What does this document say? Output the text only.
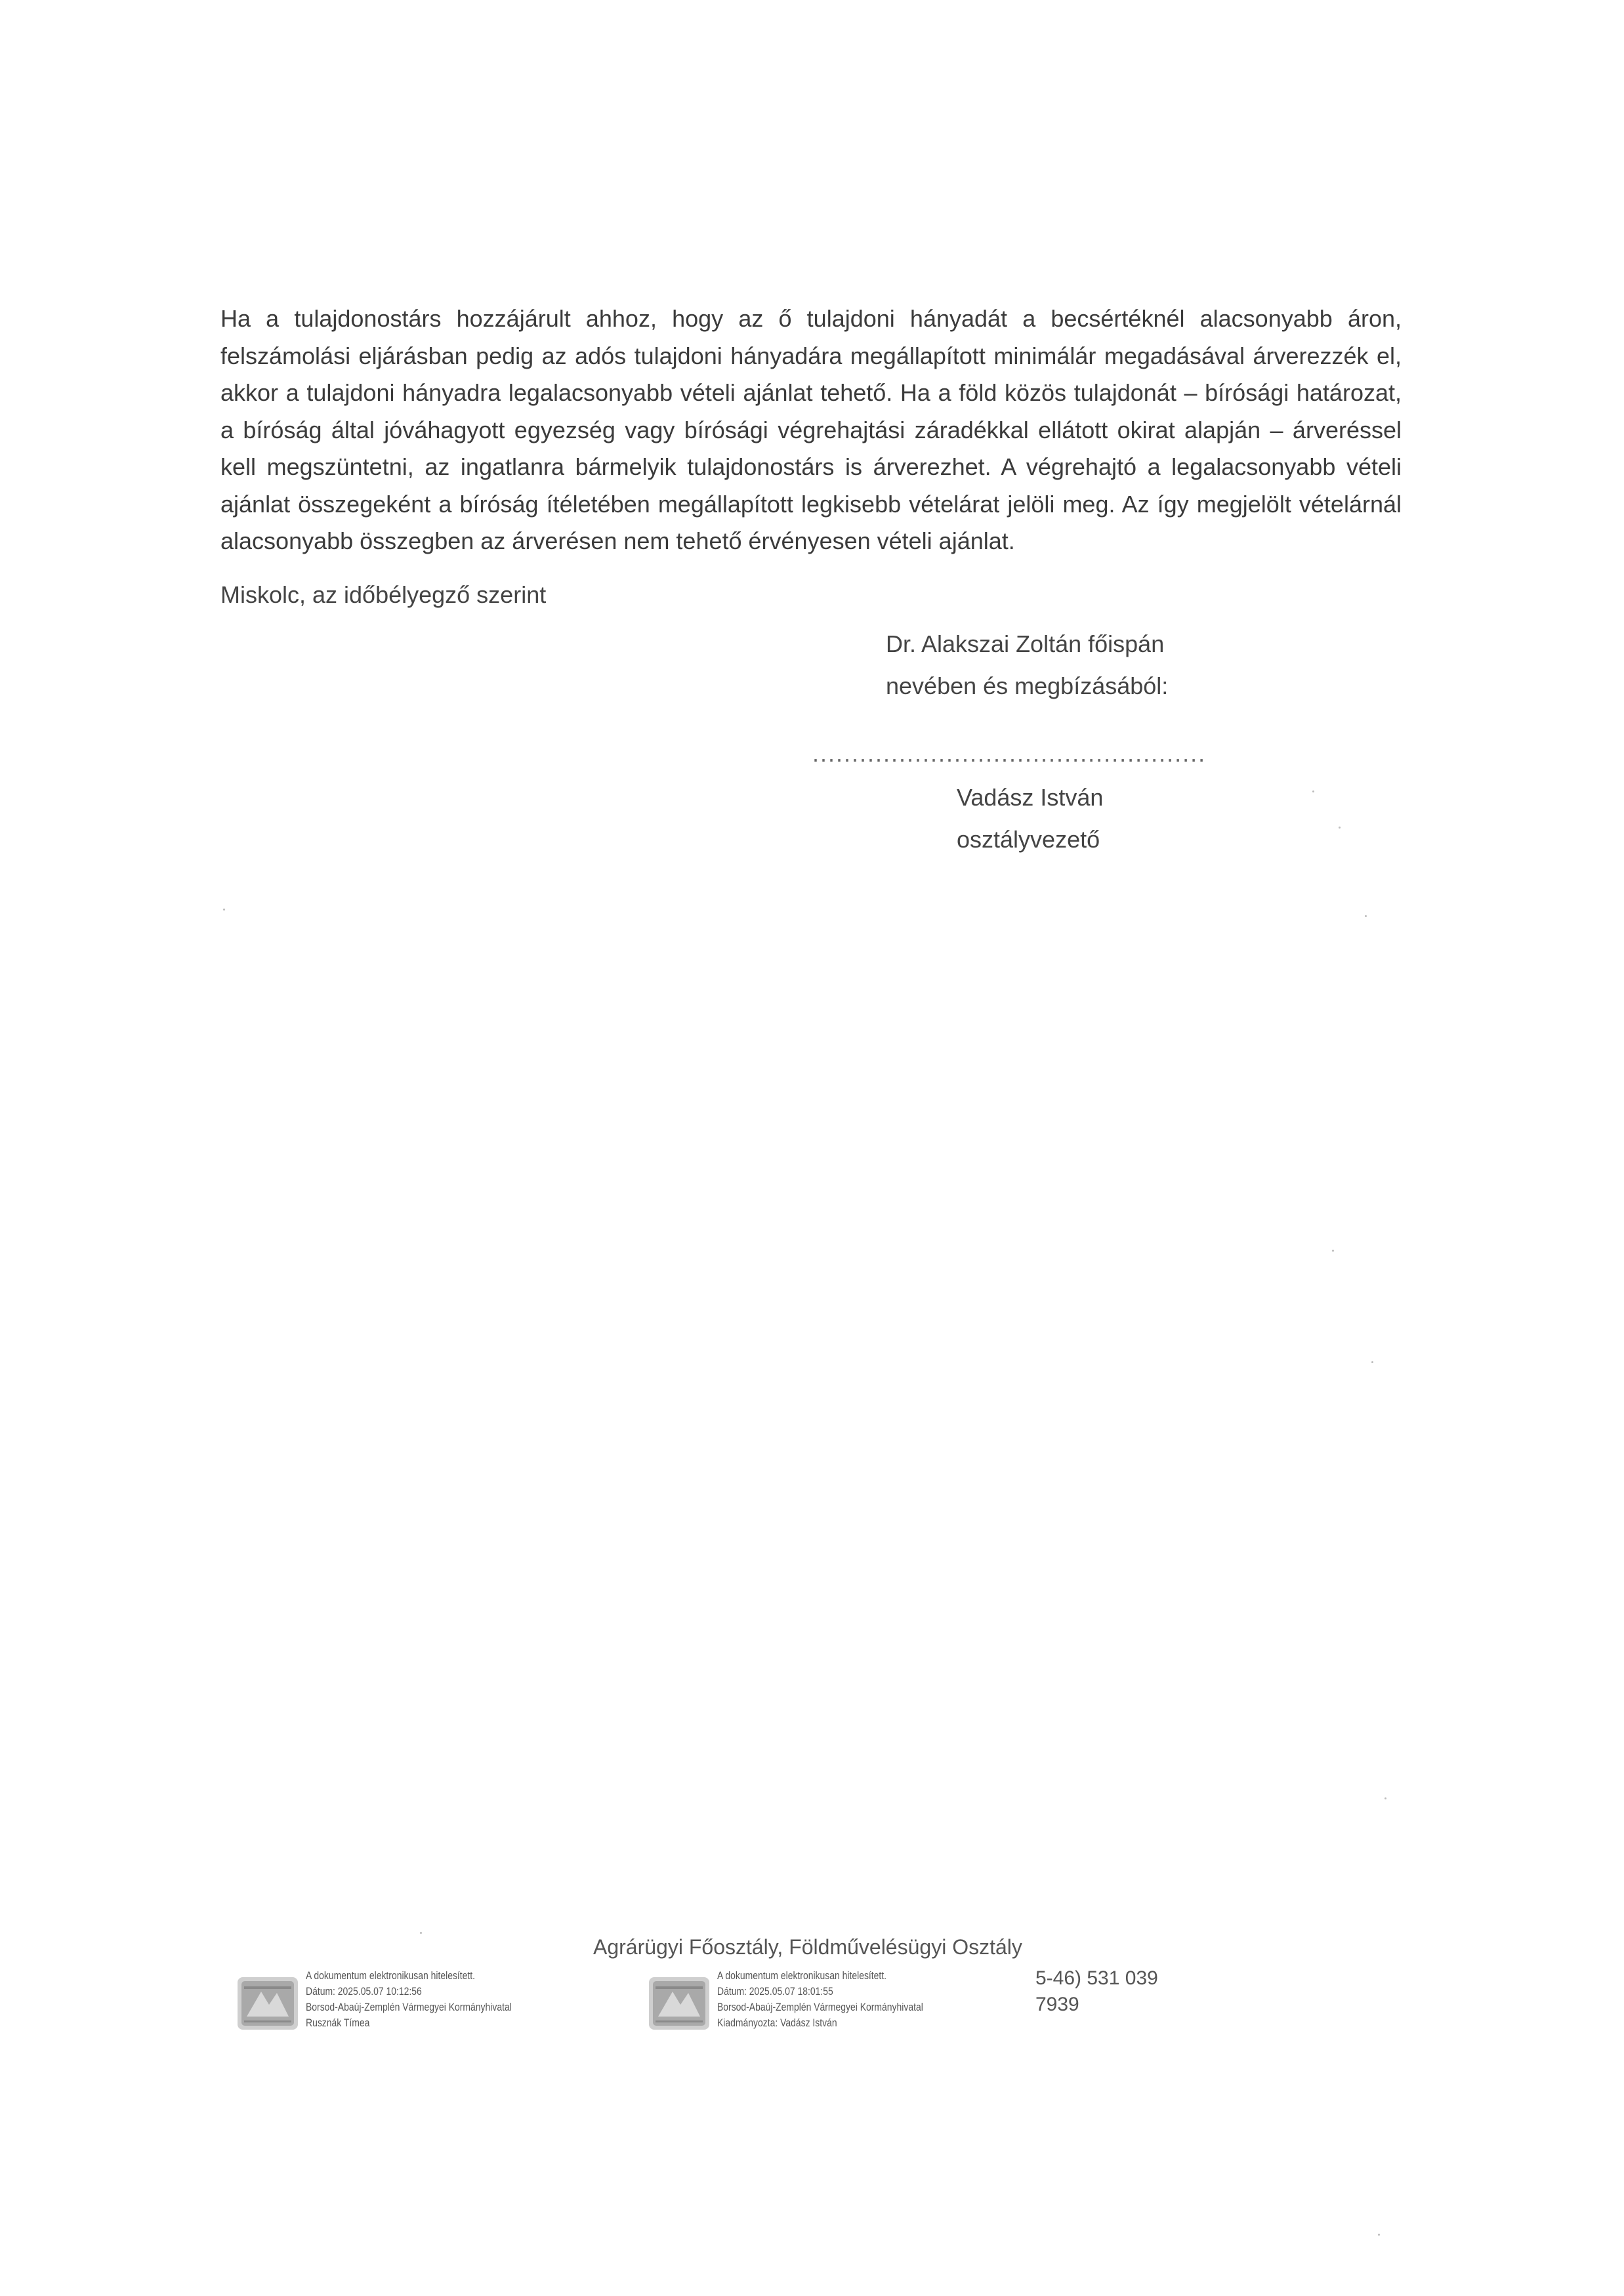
Ha a tulajdonostárs hozzájárult ahhoz, hogy az ő tulajdoni hányadát a becsértéknél alacsonyabb áron, felszámolási eljárásban pedig az adós tulajdoni hányadára megállapított minimálár megadásával árverezzék el, akkor a tulajdoni hányadra legalacsonyabb vételi ajánlat tehető. Ha a föld közös tulajdonát – bírósági határozat, a bíróság által jóváhagyott egyezség vagy bírósági végrehajtási záradékkal ellátott okirat alapján – árveréssel kell megszüntetni, az ingatlanra bármelyik tulajdonostárs is árverezhet. A végrehajtó a legalacsonyabb vételi ajánlat összegeként a bíróság ítéletében megállapított legkisebb vételárat jelöli meg. Az így megjelölt vételárnál alacsonyabb összegben az árverésen nem tehető érvényesen vételi ajánlat.

Miskolc, az időbélyegző szerint

Dr. Alakszai Zoltán főispán
nevében és megbízásából:
..................................................
Vadász István
osztályvezető
Agrárügyi Főosztály, Földművelésügyi Osztály
5-46) 531 039
7939
A dokumentum elektronikusan hitelesített.
Dátum: 2025.05.07 10:12:56
Borsod-Abaúj-Zemplén Vármegyei Kormányhivatal
Rusznák Tímea
A dokumentum elektronikusan hitelesített.
Dátum: 2025.05.07 18:01:55
Borsod-Abaúj-Zemplén Vármegyei Kormányhivatal
Kiadmányozta: Vadász István
